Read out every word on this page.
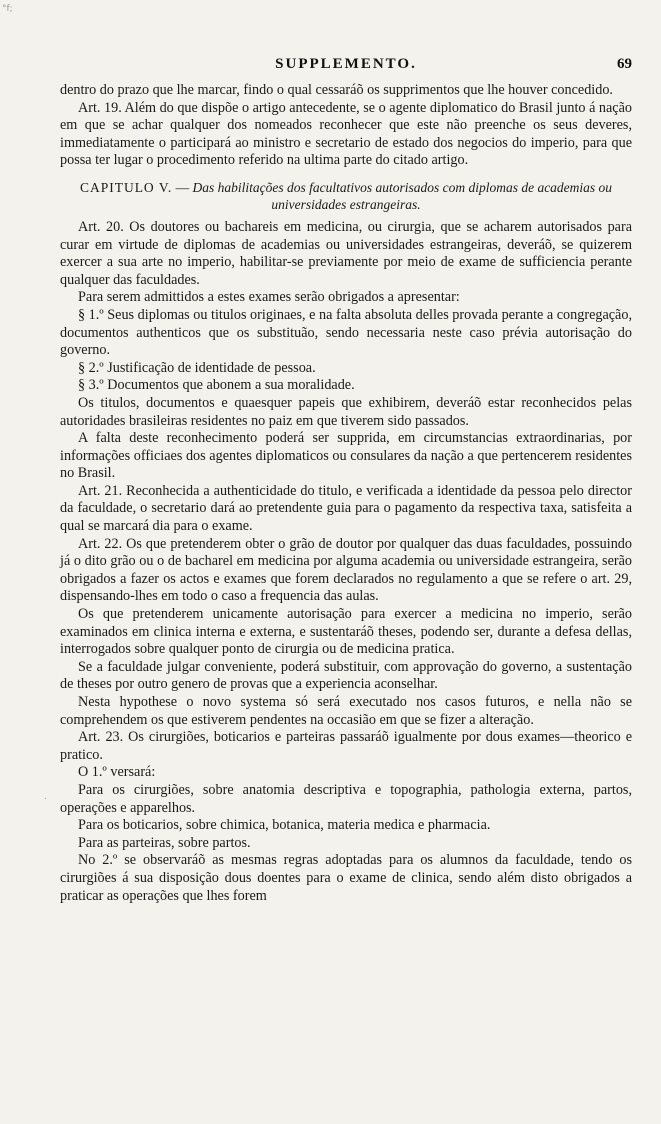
°f;
.
SUPPLEMENTO.	69

dentro do prazo que lhe marcar, findo o qual cessaráõ os supprimentos que lhe houver concedido.

Art. 19. Além do que dispõe o artigo antecedente, se o agente diplomatico do Brasil junto á nação em que se achar qualquer dos nomeados reconhecer que este não preenche os seus deveres, immediatamente o participará ao ministro e secretario de estado dos negocios do imperio, para que possa ter lugar o procedimento referido na ultima parte do citado artigo.

CAPITULO V. — Das habilitações dos facultativos autorisados com diplomas de academias ou universidades estrangeiras.

Art. 20. Os doutores ou bachareis em medicina, ou cirurgia, que se acharem autorisados para curar em virtude de diplomas de academias ou universidades estrangeiras, deveráõ, se quizerem exercer a sua arte no imperio, habilitar-se previamente por meio de exame de sufficiencia perante qualquer das faculdades.

Para serem admittidos a estes exames serão obrigados a apresentar:

§ 1.º Seus diplomas ou titulos originaes, e na falta absoluta delles provada perante a congregação, documentos authenticos que os substituão, sendo necessaria neste caso prévia autorisação do governo.

§ 2.º Justificação de identidade de pessoa.

§ 3.º Documentos que abonem a sua moralidade.

Os titulos, documentos e quaesquer papeis que exhibirem, deveráõ estar reconhecidos pelas autoridades brasileiras residentes no paiz em que tiverem sido passados.

A falta deste reconhecimento poderá ser supprida, em circumstancias extraordinarias, por informações officiaes dos agentes diplomaticos ou consulares da nação a que pertencerem residentes no Brasil.

Art. 21. Reconhecida a authenticidade do titulo, e verificada a identidade da pessoa pelo director da faculdade, o secretario dará ao pretendente guia para o pagamento da respectiva taxa, satisfeita a qual se marcará dia para o exame.

Art. 22. Os que pretenderem obter o grão de doutor por qualquer das duas faculdades, possuindo já o dito grão ou o de bacharel em medicina por alguma academia ou universidade estrangeira, serão obrigados a fazer os actos e exames que forem declarados no regulamento a que se refere o art. 29, dispensando-lhes em todo o caso a frequencia das aulas.

Os que pretenderem unicamente autorisação para exercer a medicina no imperio, serão examinados em clinica interna e externa, e sustentaráõ theses, podendo ser, durante a defesa dellas, interrogados sobre qualquer ponto de cirurgia ou de medicina pratica.

Se a faculdade julgar conveniente, poderá substituir, com approvação do governo, a sustentação de theses por outro genero de provas que a experiencia aconselhar.

Nesta hypothese o novo systema só será executado nos casos futuros, e nella não se comprehendem os que estiverem pendentes na occasião em que se fizer a alteração.

Art. 23. Os cirurgiões, boticarios e parteiras passaráõ igualmente por dous exames—theorico e pratico.

O 1.º versará:

Para os cirurgiões, sobre anatomia descriptiva e topographia, pathologia externa, partos, operações e apparelhos.

Para os boticarios, sobre chimica, botanica, materia medica e pharmacia.

Para as parteiras, sobre partos.

No 2.º se observaráõ as mesmas regras adoptadas para os alumnos da faculdade, tendo os cirurgiões á sua disposição dous doentes para o exame de clinica, sendo além disto obrigados a praticar as operações que lhes forem
